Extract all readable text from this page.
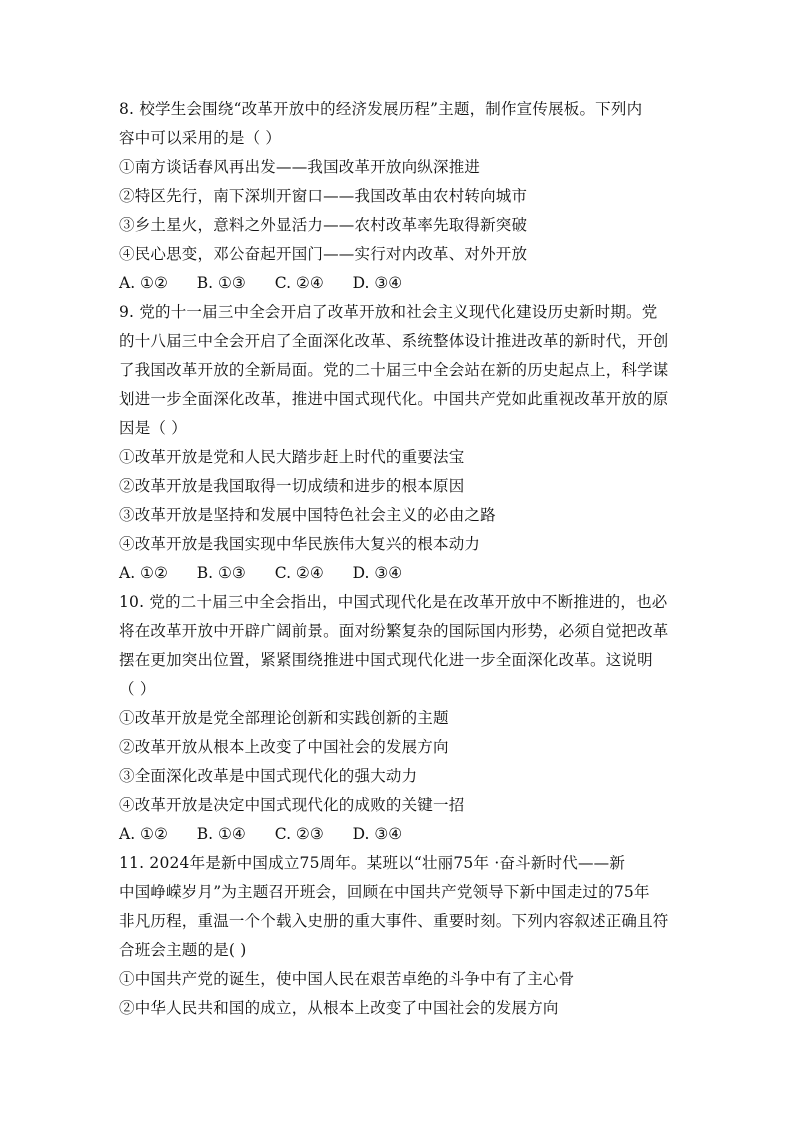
8. 校学生会围绕“改革开放中的经济发展历程”主题，制作宣传展板。下列内
容中可以采用的是（ ）
①南方谈话春风再出发——我国改革开放向纵深推进
②特区先行，南下深圳开窗口——我国改革由农村转向城市
③乡土星火，意料之外显活力——农村改革率先取得新突破
④民心思变，邓公奋起开国门——实行对内改革、对外开放
A. ①② B. ①③ C. ②④ D. ③④
9. 党的十一届三中全会开启了改革开放和社会主义现代化建设历史新时期。党
的十八届三中全会开启了全面深化改革、系统整体设计推进改革的新时代，开创
了我国改革开放的全新局面。党的二十届三中全会站在新的历史起点上，科学谋
划进一步全面深化改革，推进中国式现代化。中国共产党如此重视改革开放的原
因是（ ）
①改革开放是党和人民大踏步赶上时代的重要法宝
②改革开放是我国取得一切成绩和进步的根本原因
③改革开放是坚持和发展中国特色社会主义的必由之路
④改革开放是我国实现中华民族伟大复兴的根本动力
A. ①② B. ①③ C. ②④ D. ③④
10. 党的二十届三中全会指出，中国式现代化是在改革开放中不断推进的，也必
将在改革开放中开辟广阔前景。面对纷繁复杂的国际国内形势，必须自觉把改革
摆在更加突出位置，紧紧围绕推进中国式现代化进一步全面深化改革。这说明
（ ）
①改革开放是党全部理论创新和实践创新的主题
②改革开放从根本上改变了中国社会的发展方向
③全面深化改革是中国式现代化的强大动力
④改革开放是决定中国式现代化的成败的关键一招
A. ①② B. ①④ C. ②③ D. ③④
11. 2024年是新中国成立75周年。某班以“壮丽75年 ·奋斗新时代——新
中国峥嵘岁月”为主题召开班会，回顾在中国共产党领导下新中国走过的75年
非凡历程，重温一个个载入史册的重大事件、重要时刻。下列内容叙述正确且符
合班会主题的是( )
①中国共产党的诞生，使中国人民在艰苦卓绝的斗争中有了主心骨
②中华人民共和国的成立，从根本上改变了中国社会的发展方向
